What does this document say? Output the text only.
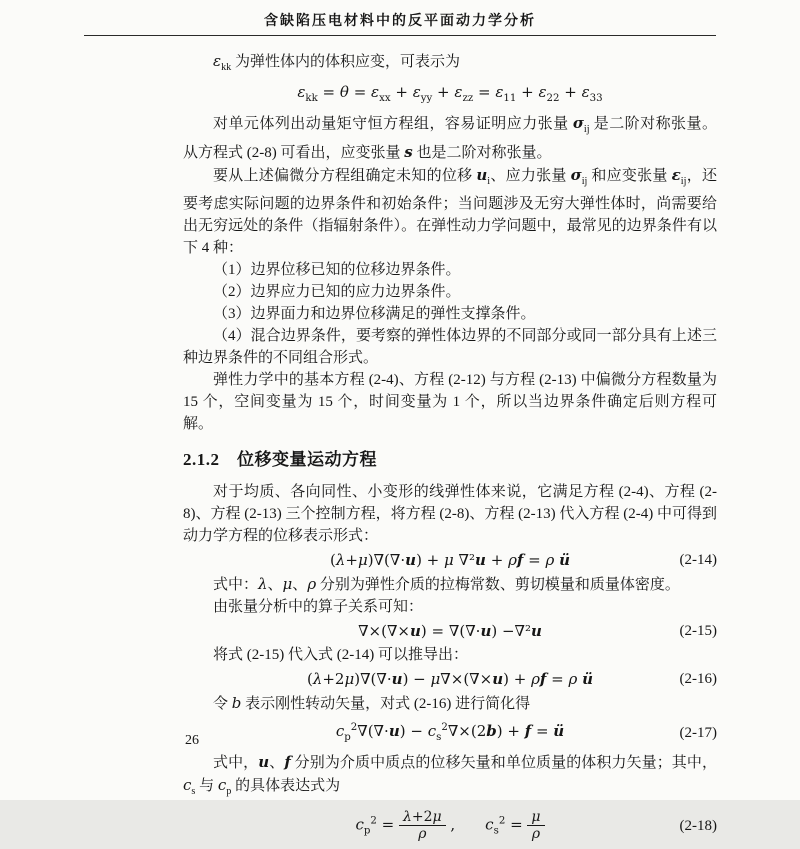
含缺陷压电材料中的反平面动力学分析

$\varepsilon_{kk}$ 为弹性体内的体积应变，可表示为

$\varepsilon_{kk} = \theta = \varepsilon_{xx} + \varepsilon_{yy} + \varepsilon_{zz} = \varepsilon_{11} + \varepsilon_{22} + \varepsilon_{33}$

对单元体列出动量矩守恒方程组，容易证明应力张量 $\sigma_{ij}$ 是二阶对称张量。从方程式 (2-8) 可看出，应变张量 s 也是二阶对称张量。

要从上述偏微分方程组确定未知的位移 $u_i$、应力张量 $\sigma_{ij}$ 和应变张量 $\varepsilon_{ij}$，还要考虑实际问题的边界条件和初始条件；当问题涉及无穷大弹性体时，尚需要给出无穷远处的条件（指辐射条件）。在弹性动力学问题中，最常见的边界条件有以下 4 种：

（1）边界位移已知的位移边界条件。

（2）边界应力已知的应力边界条件。

（3）边界面力和边界位移满足的弹性支撑条件。

（4）混合边界条件，要考察的弹性体边界的不同部分或同一部分具有上述三种边界条件的不同组合形式。

弹性力学中的基本方程 (2-4)、方程 (2-12) 与方程 (2-13) 中偏微分方程数量为 15 个，空间变量为 15 个，时间变量为 1 个，所以当边界条件确定后则方程可解。

2.1.2　位移变量运动方程

对于均质、各向同性、小变形的线弹性体来说，它满足方程 (2-4)、方程 (2-8)、方程 (2-13) 三个控制方程，将方程 (2-8)、方程 (2-13) 代入方程 (2-4) 中可得到动力学方程的位移表示形式：

(λ+μ)∇(∇·u) + μ ∇²u + ρf = ρ ü	(2-14)

式中：λ、μ、ρ 分别为弹性介质的拉梅常数、剪切模量和质量体密度。

由张量分析中的算子关系可知：

∇×(∇×u) = ∇(∇·u) −∇²u	(2-15)

将式 (2-15) 代入式 (2-14) 可以推导出：

(λ+2μ)∇(∇·u) − μ∇×(∇×u) + ρf = ρ ü	(2-16)

令 b 表示刚性转动矢量，对式 (2-16) 进行简化得

$c_p^2\nabla(\nabla\cdot u) - c_s^2\nabla\times(2b) + f$ = ü	(2-17)

式中，u、f 分别为介质中质点的位移矢量和单位质量的体积力矢量；其中，$c_s$ 与 $c_p$ 的具体表达式为

$c_p^2 = \frac{\lambda+2\mu}{\rho}$ ,  $c_s^2 = \frac{\mu}{\rho}$	(2-18)
26
